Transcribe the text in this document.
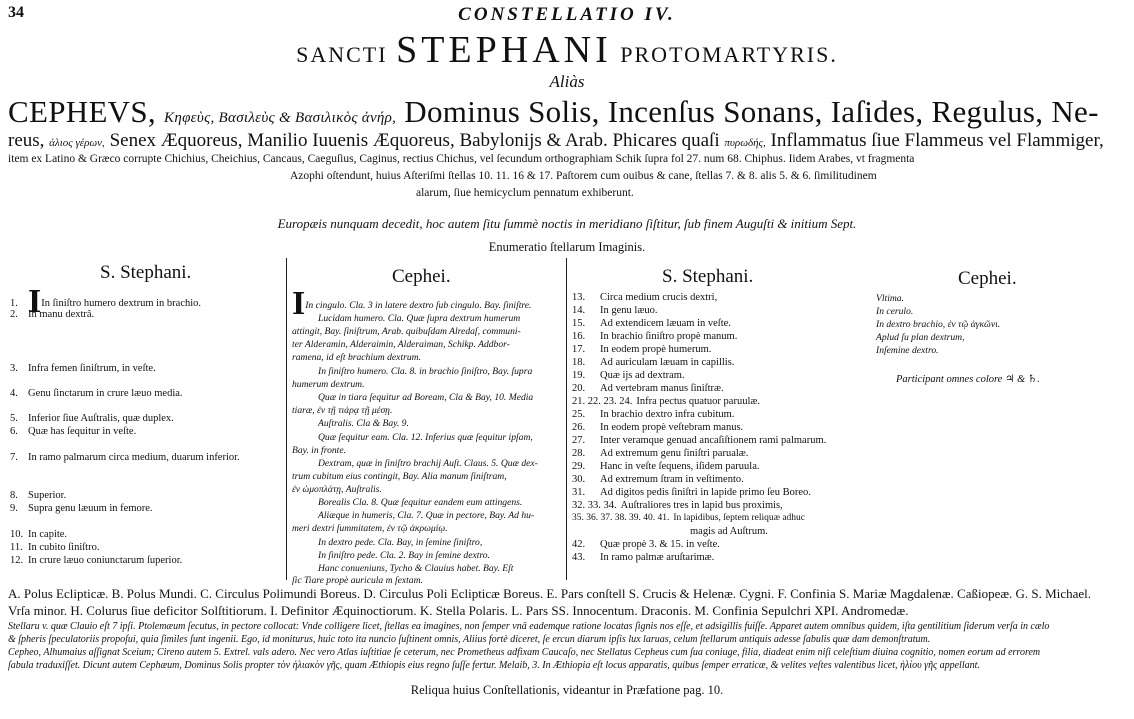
34	CONSTELLATIO IV.
SANCTI STEPHANI PROTOMARTYRIS.
Aliàs
CEPHEVS, Κηφεὺς, Βασιλεὺς & Βασιλικὸς ἀνήρ, Dominus Solis, Incenſus Sonans, Iaſides, Regulus, Ne-
reus, ἀλιος γέρων, Senex Æquoreus, Manilio Iuuenis Æquoreus, Babylonijs & Arab. Phicares quaſi πυρωδής, Inflammatus ſiue Flammeus vel Flammiger,
item ex Latino & Græco corrupte Chichius, Cheichius, Cancaus, Caeguſius, Caginus, rectius Chichus, vel ſecundum orthographiam Schik ſupra fol 27. num 68. Chiphus. Iidem Arabes, vt fragmenta
Azophi oſtendunt, huius Aſteriſmi ſtellas 10. 11. 16 & 17. Paſtorem cum ouibus & cane, ſtellas 7. & 8. alis 5. & 6. ſimilitudinem
alarum, ſiue hemicyclum pennatum exhiberunt.
Europæis nunquam decedit, hoc autem ſitu ſummè noctis in meridiano ſiſtitur, ſub finem Auguſti & initium Sept.
Enumeratio ſtellarum Imaginis.
S. Stephani.
1. IIn ſiniſtro humero dextrum in brachio.
2. In manu dextrâ.
3. Infra femen ſiniſtrum, in veſte.
4. Genu ſinctarum in crure læuo media.
5. Inferior ſiue Auſtralis, quæ duplex.
6. Quæ has ſequitur in veſte.
7. In ramo palmarum circa medium, duarum inferior.
8. Superior.
9. Supra genu læuum in femore.
10. In capite.
11. In cubito ſiniſtro.
12. In crure læuo coniunctarum ſuperior.
Cephei.
IIn cingulo. Cla. 3 in latere dextro ſub cingulo. Bay. ſiniſtre.
Lucidam humero. Cla. Quæ ſupra dextrum humerum
attingit, Bay. ſiniſtrum, Arab. quibuſdam Alredaſ, communi-
ter Alderamin, Alderaimin, Alderaiman, Schikp. Addbor-
ramena, id eſt brachium dextrum.
In ſiniſtro humero. Cla. 8. in brachio ſiniſtro, Bay. ſupra
humerum dextrum.
Quæ in tiara ſequitur ad Boream, Cla & Bay, 10. Media
tiaræ, ἐν τῇ τιάρᾳ τῇ μέσῃ.
Auſtralis. Cla & Bay. 9.
Quæ ſequitur eam. Cla. 12. Inferius quæ ſequitur ipſam,
Bay. in fronte.
Dextram, quæ in ſiniſtro brachij Auſt. Claus. 5. Quæ dex-
trum cubitum eius contingit, Bay. Alia manum ſiniſtram,
ἐν ὠμοπλάτῃ, Auſtralis.
Borealis Cla. 8. Quæ ſequitur eandem eum attingens.
Aliæque in humeris, Cla. 7. Quæ in pectore, Bay. Ad hu-
meri dextri ſummitatem, ἐν τῷ ἀκρωμίῳ.
In dextro pede. Cla. Bay, in ſemine ſiniſtro,
In ſiniſtro pede. Cla. 2. Bay in ſemine dextro.
Hanc conueniuns, Tycho & Clauius habet. Bay. Eſt
ſic Tiare propè auricula m ſextam.
S. Stephani.
13. Circa medium crucis dextri,
14. In genu læuo.
15. Ad extendicem læuam in veſte.
16. In brachio ſiniſtro propè manum.
17. In eodem propè humerum.
18. Ad auriculam læuam in capillis.
19. Quæ ijs ad dextram.
20. Ad vertebram manus ſiniſtræ.
21. 22. 23. 24. Infra pectus quatuor paruulæ.
25. In brachio dextro infra cubitum.
26. In eodem propè veſtebram manus.
27. Inter veramque genuad ancaſiſtionem rami palmarum.
28. Ad extremum genu ſiniſtri parualæ.
29. Hanc in veſte ſequens, iſidem paruula.
30. Ad extremum ſtram in veſtimento.
31. Ad digitos pedis ſiniſtri in lapide primo ſeu Boreo.
32. 33. 34. Auſtraliores tres in lapid bus proximis,
35. 36. 37. 38. 39. 40. 41. In lapidibus, ſeptem reliquæ adhuc
magis ad Auſtrum.
42. Quæ propè 3. & 15. in veſte.
43. In ramo palmæ aruſtarimæ.
Cephei.
Vltima.
In cerulo.
In dextro brachio, ἐν τῷ ἀγκῶνι.
Aplud ſu plan dextrum,
Inſemine dextro.
Participant omnes colore ♃ & ♄.
A. Polus Eclipticæ. B. Polus Mundi. C. Circulus Polimundi Boreus. D. Circulus Poli Eclipticæ Boreus. E. Pars conſtell S. Crucis & Helenæ. Cygni. F. Confinia S. Mariæ Magdalenæ. Caßiopeæ. G. S. Michael.
Vrſa minor. H. Colurus ſiue deficitor Solſtitiorum. I. Definitor Æquinoctiorum. K. Stella Polaris. L. Pars SS. Innocentum. Draconis. M. Confinia Sepulchri XPI. Andromedæ.
Stellaru v. quæ Clauio eſt 7 ipſi. Ptolemæum ſecutus, in pectore collocat: Vnde colligere licet, ſtellas ea imagines, non ſemper vnâ eademque ratione locatas ſignis nos eſſe, et adsigillis fuiſſe. Apparet autem omnibus quidem, iſta gentilitium ſiderum verſa in cælo
& ſpheris ſpeculatoriis propoſui, quia ſimiles ſunt ingenii. Ego, id moniturus, huic toto ita nuncio ſuſtinent omnis, Aliius fortè diceret, ſe ercun diarum ipſis lux laruas, celum ſtellarum antiquis adesse ſabulis quæ dam demonſtratum.
Cepheo, Alhumaius aſſignat Sceium; Cireno autem 5. Extrel. vals adero. Nec vero Atlas iuſtitiae ſe ceterum, nec Prometheus adfixam Caucaſo, nec Stellatus Cepheus cum ſua coniuge, filia, diadeat enim niſi celeſtium diuina cognitio, nomen eorum ad errorem
ſabula traduxiſſet. Dicunt autem Cephæum, Dominus Solis propter τὸν ἡλιακὸν γῆς, quam Æthiopis eius regno ſuſſe fertur. Melaib, 3. In Æthiopia eſt locus apparatis, quibus ſemper erraticæ, & velites veſtes valentibus licet, ἡλίου γῆς appellant.
Reliqua huius Conſtellationis, videantur in Præfatione pag. 10.
